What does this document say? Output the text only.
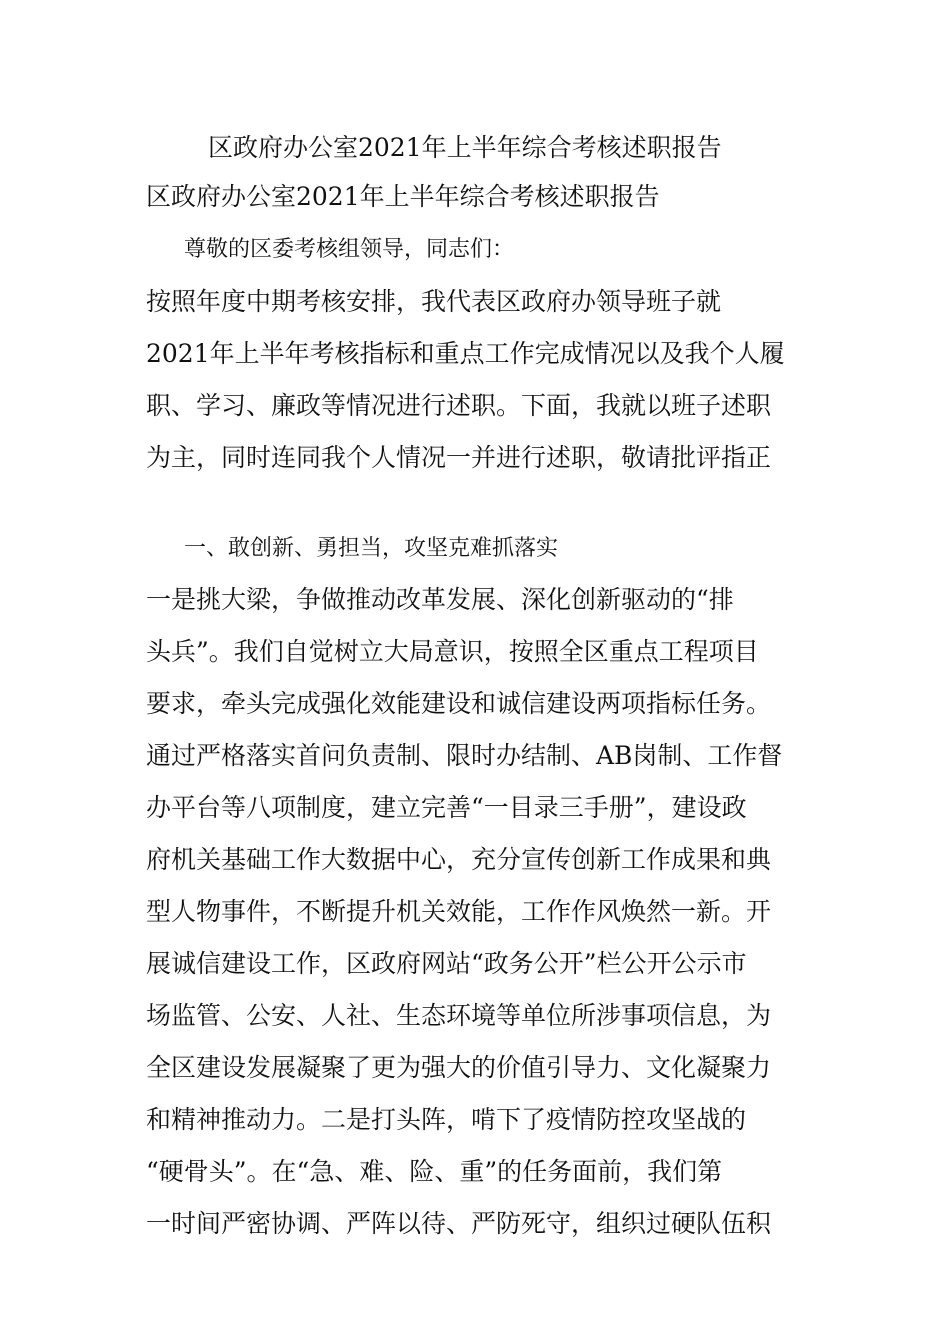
区政府办公室2021年上半年综合考核述职报告
区政府办公室2021年上半年综合考核述职报告
尊敬的区委考核组领导，同志们：
按照年度中期考核安排，我代表区政府办领导班子就
2021年上半年考核指标和重点工作完成情况以及我个人履
职、学习、廉政等情况进行述职。下面，我就以班子述职
为主，同时连同我个人情况一并进行述职，敬请批评指正
一、敢创新、勇担当，攻坚克难抓落实
一是挑大梁，争做推动改革发展、深化创新驱动的“排
头兵”。我们自觉树立大局意识，按照全区重点工程项目
要求，牵头完成强化效能建设和诚信建设两项指标任务。
通过严格落实首问负责制、限时办结制、AB岗制、工作督
办平台等八项制度，建立完善“一目录三手册”，建设政
府机关基础工作大数据中心，充分宣传创新工作成果和典
型人物事件，不断提升机关效能，工作作风焕然一新。开
展诚信建设工作，区政府网站“政务公开”栏公开公示市
场监管、公安、人社、生态环境等单位所涉事项信息，为
全区建设发展凝聚了更为强大的价值引导力、文化凝聚力
和精神推动力。二是打头阵，啃下了疫情防控攻坚战的
“硬骨头”。在“急、难、险、重”的任务面前，我们第
一时间严密协调、严阵以待、严防死守，组织过硬队伍积
